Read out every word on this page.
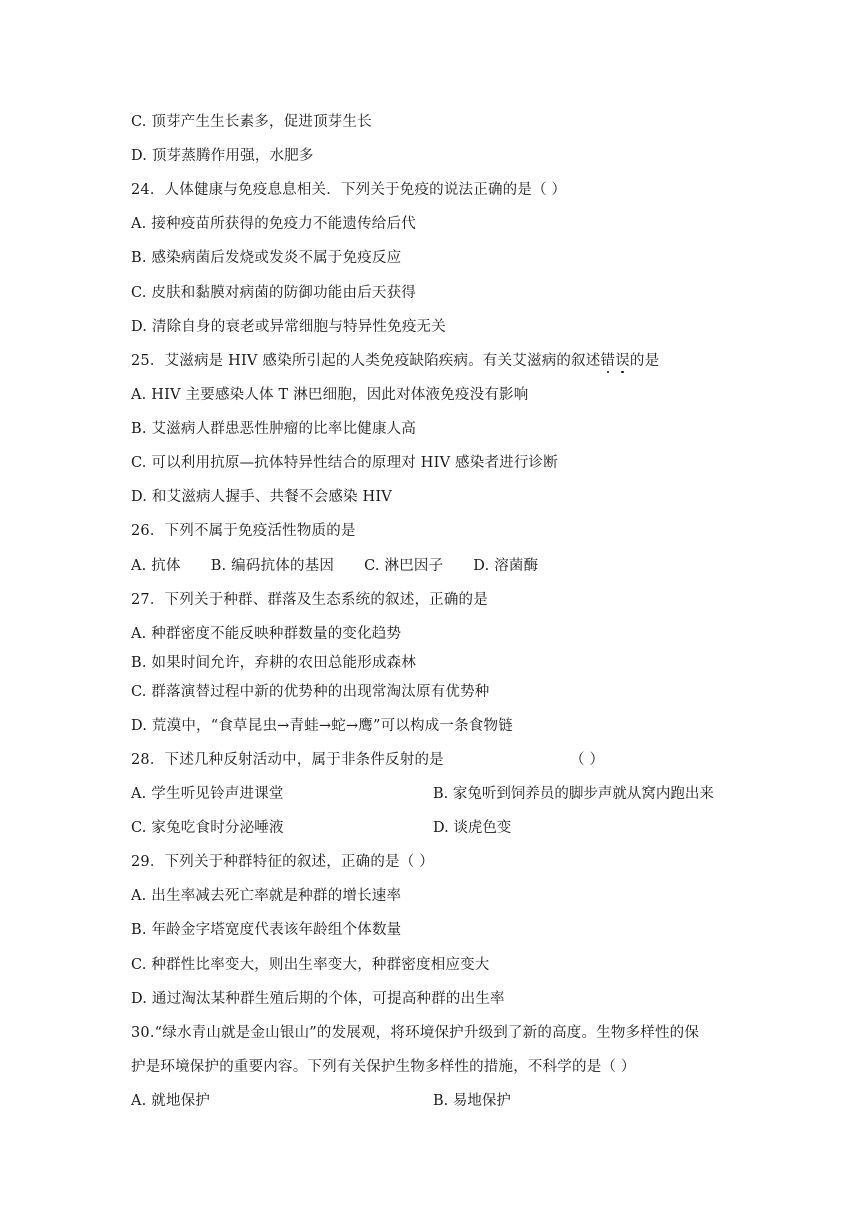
C. 顶芽产生生长素多，促进顶芽生长
D. 顶芽蒸腾作用强，水肥多
24．人体健康与免疫息息相关．下列关于免疫的说法正确的是（ ）
A. 接种疫苗所获得的免疫力不能遗传给后代
B. 感染病菌后发烧或发炎不属于免疫反应
C. 皮肤和黏膜对病菌的防御功能由后天获得
D. 清除自身的衰老或异常细胞与特异性免疫无关
25．艾滋病是 HIV 感染所引起的人类免疫缺陷疾病。有关艾滋病的叙述错误的是
A. HIV 主要感染人体 T 淋巴细胞，因此对体液免疫没有影响
B. 艾滋病人群患恶性肿瘤的比率比健康人高
C. 可以利用抗原—抗体特异性结合的原理对 HIV 感染者进行诊断
D. 和艾滋病人握手、共餐不会感染 HIV
26．下列不属于免疫活性物质的是
A. 抗体 B. 编码抗体的基因 C. 淋巴因子 D. 溶菌酶
27．下列关于种群、群落及生态系统的叙述，正确的是
A. 种群密度不能反映种群数量的变化趋势
B. 如果时间允许，弃耕的农田总能形成森林
C. 群落演替过程中新的优势种的出现常淘汰原有优势种
D. 荒漠中，“食草昆虫→青蛙→蛇→鹰”可以构成一条食物链
28．下述几种反射活动中，属于非条件反射的是	（ ）
A. 学生听见铃声进课堂	B. 家兔听到饲养员的脚步声就从窝内跑出来
C. 家兔吃食时分泌唾液	D. 谈虎色变
29．下列关于种群特征的叙述，正确的是（ ）
A. 出生率减去死亡率就是种群的增长速率
B. 年龄金字塔宽度代表该年龄组个体数量
C. 种群性比率变大，则出生率变大，种群密度相应变大
D. 通过淘汰某种群生殖后期的个体，可提高种群的出生率
30.“绿水青山就是金山银山”的发展观，将环境保护升级到了新的高度。生物多样性的保
护是环境保护的重要内容。下列有关保护生物多样性的措施，不科学的是（ ）
A. 就地保护	B. 易地保护
